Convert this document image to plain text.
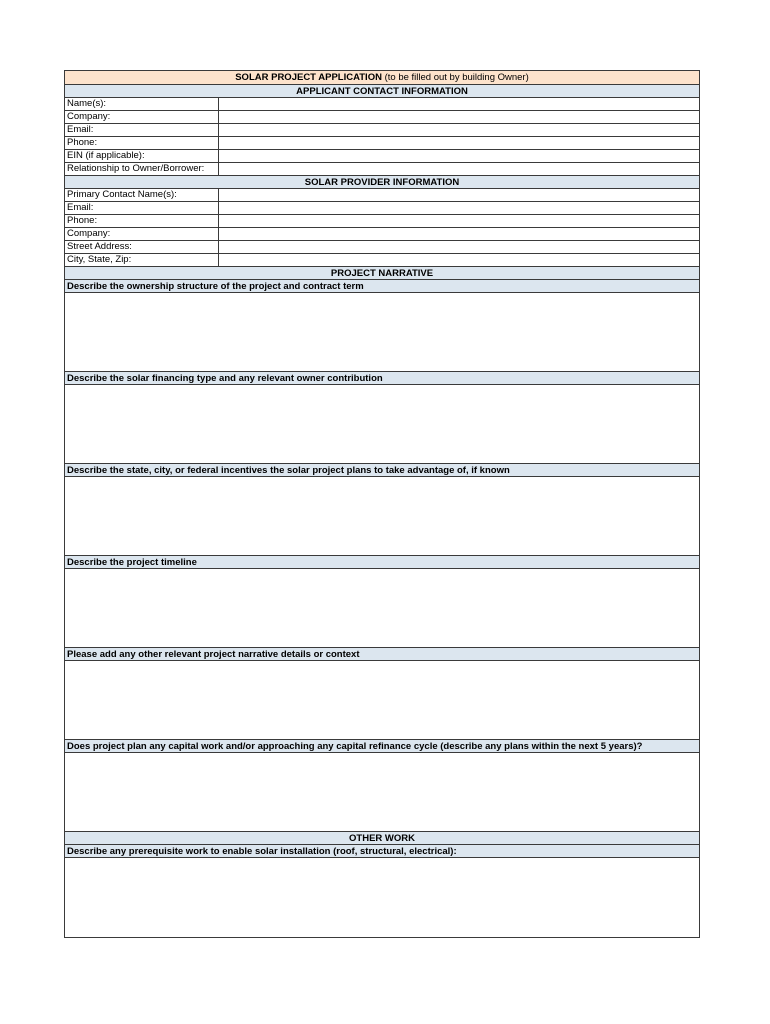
SOLAR PROJECT APPLICATION
(to be filled out by building Owner)
APPLICANT CONTACT INFORMATION
Name(s):
Company:
Email:
Phone:
EIN (if applicable):
Relationship to Owner/Borrower:
SOLAR PROVIDER INFORMATION
Primary Contact Name(s):
Email:
Phone:
Company:
Street Address:
City, State, Zip:
PROJECT NARRATIVE
Describe the ownership structure of the project and contract term
Describe the solar financing type and any relevant owner contribution
Describe the state, city, or federal incentives the solar project plans to take advantage of, if known
Describe the project timeline
Please add any other relevant project narrative details or context
Does project plan any capital work and/or approaching any capital refinance cycle (describe any plans within the next 5 years)?
OTHER WORK
Describe any prerequisite work to enable solar installation (roof, structural, electrical):
